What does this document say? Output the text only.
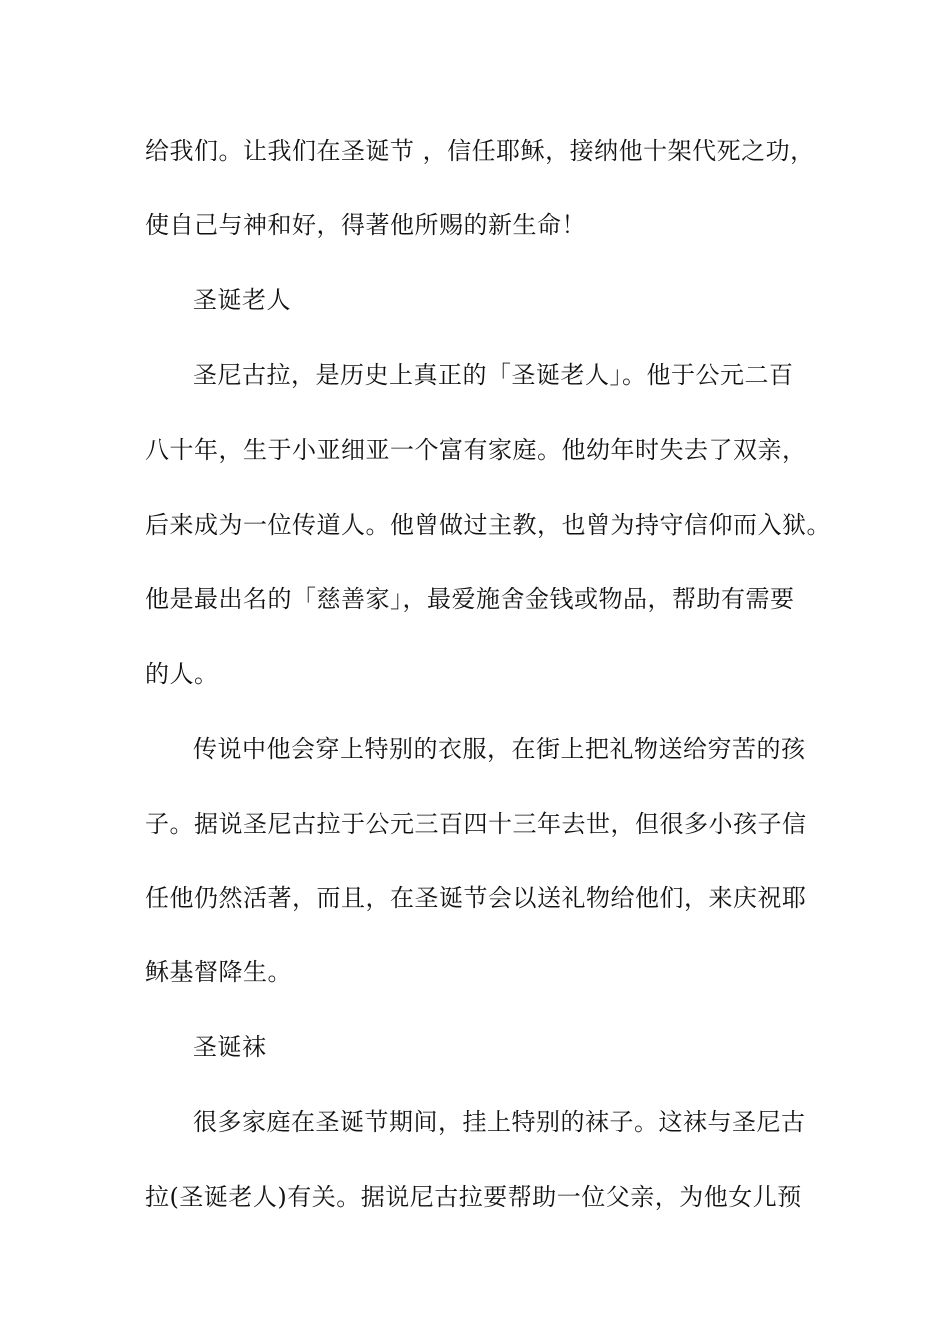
给我们。让我们在圣诞节 ，信任耶稣，接纳他十架代死之功，
使自己与神和好，得著他所赐的新生命！
圣诞老人
圣尼古拉，是历史上真正的「圣诞老人」。他于公元二百
八十年，生于小亚细亚一个富有家庭。他幼年时失去了双亲，
后来成为一位传道人。他曾做过主教，也曾为持守信仰而入狱。
他是最出名的「慈善家」，最爱施舍金钱或物品，帮助有需要
的人。
传说中他会穿上特别的衣服，在街上把礼物送给穷苦的孩
子。据说圣尼古拉于公元三百四十三年去世，但很多小孩子信
任他仍然活著，而且，在圣诞节会以送礼物给他们，来庆祝耶
稣基督降生。
圣诞袜
很多家庭在圣诞节期间，挂上特别的袜子。这袜与圣尼古
拉(圣诞老人)有关。据说尼古拉要帮助一位父亲，为他女儿预
